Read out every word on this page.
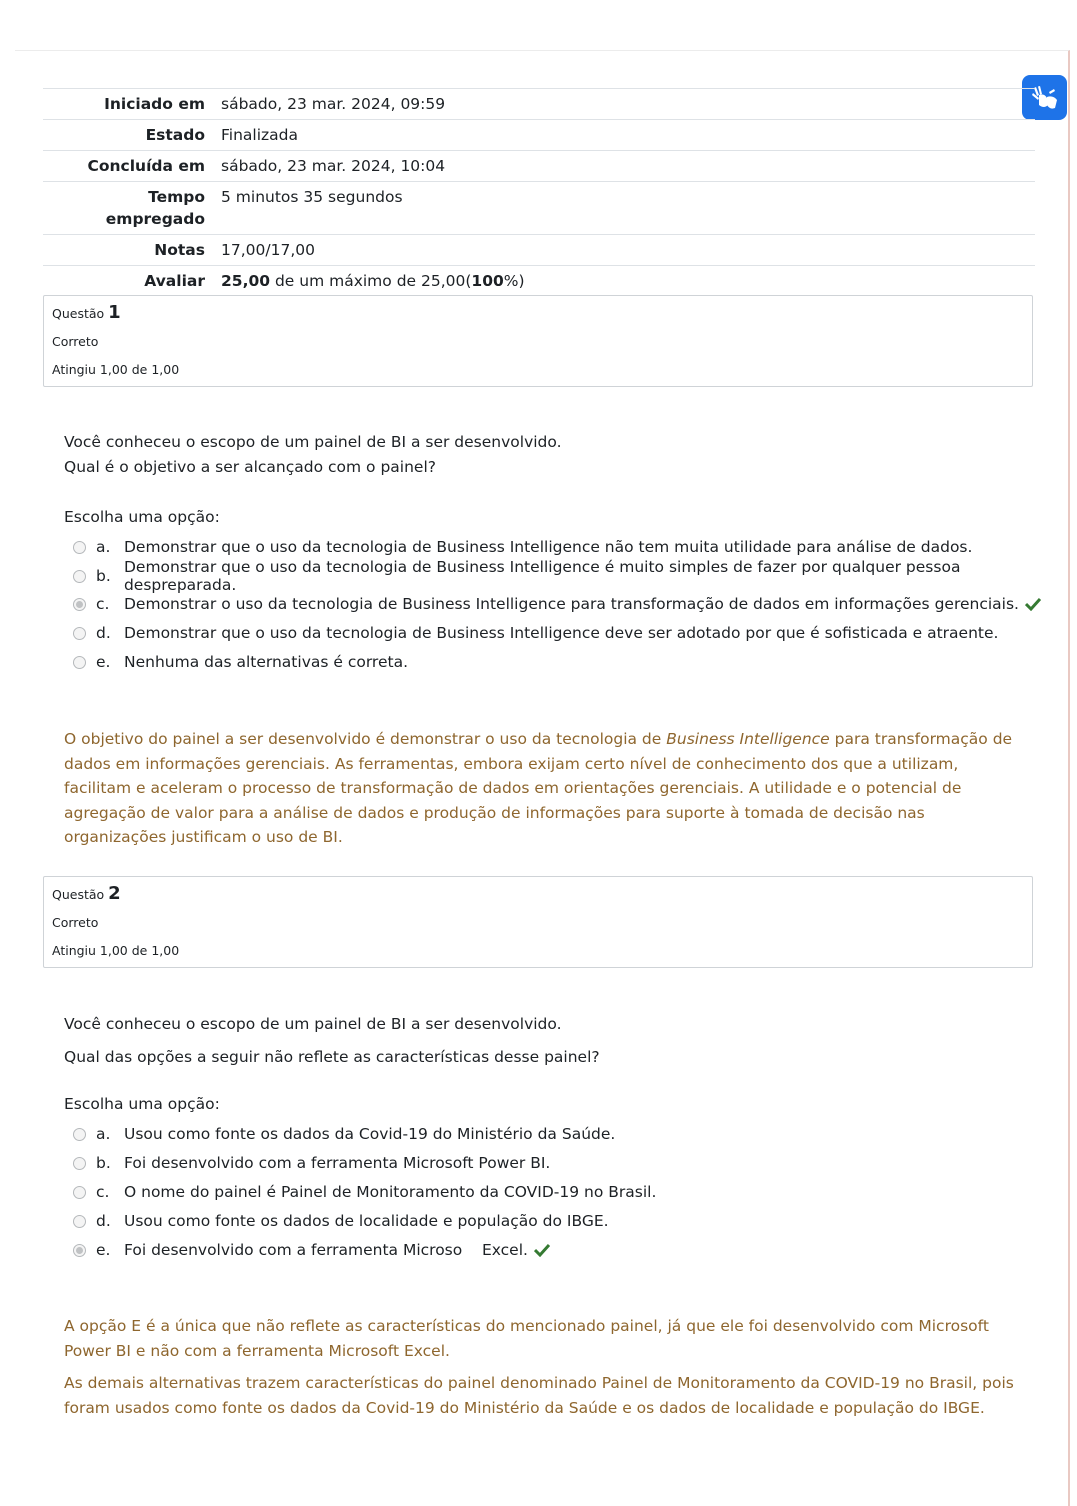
Iniciado em	sábado, 23 mar. 2024, 09:59
Estado	Finalizada
Concluída em	sábado, 23 mar. 2024, 10:04
Tempo empregado	5 minutos 35 segundos
Notas	17,00/17,00
Avaliar	25,00 de um máximo de 25,00(100%)
Questão 1
Correto
Atingiu 1,00 de 1,00
Você conheceu o escopo de um painel de BI a ser desenvolvido.
Qual é o objetivo a ser alcançado com o painel?
Escolha uma opção:
a. Demonstrar que o uso da tecnologia de Business Intelligence não tem muita utilidade para análise de dados.
b. Demonstrar que o uso da tecnologia de Business Intelligence é muito simples de fazer por qualquer pessoa despreparada.
c. Demonstrar o uso da tecnologia de Business Intelligence para transformação de dados em informações gerenciais.
d. Demonstrar que o uso da tecnologia de Business Intelligence deve ser adotado por que é sofisticada e atraente.
e. Nenhuma das alternativas é correta.
O objetivo do painel a ser desenvolvido é demonstrar o uso da tecnologia de Business Intelligence para transformação de dados em informações gerenciais. As ferramentas, embora exijam certo nível de conhecimento dos que a utilizam, facilitam e aceleram o processo de transformação de dados em orientações gerenciais. A utilidade e o potencial de agregação de valor para a análise de dados e produção de informações para suporte à tomada de decisão nas organizações justificam o uso de BI.
Questão 2
Correto
Atingiu 1,00 de 1,00
Você conheceu o escopo de um painel de BI a ser desenvolvido.
Qual das opções a seguir não reflete as características desse painel?
Escolha uma opção:
a. Usou como fonte os dados da Covid-19 do Ministério da Saúde.
b. Foi desenvolvido com a ferramenta Microsoft Power BI.
c. O nome do painel é Painel de Monitoramento da COVID-19 no Brasil.
d. Usou como fonte os dados de localidade e população do IBGE.
e. Foi desenvolvido com a ferramenta Microso    Excel.
A opção E é a única que não reflete as características do mencionado painel, já que ele foi desenvolvido com Microsoft Power BI e não com a ferramenta Microsoft Excel.
As demais alternativas trazem características do painel denominado Painel de Monitoramento da COVID-19 no Brasil, pois foram usados como fonte os dados da Covid-19 do Ministério da Saúde e os dados de localidade e população do IBGE.
